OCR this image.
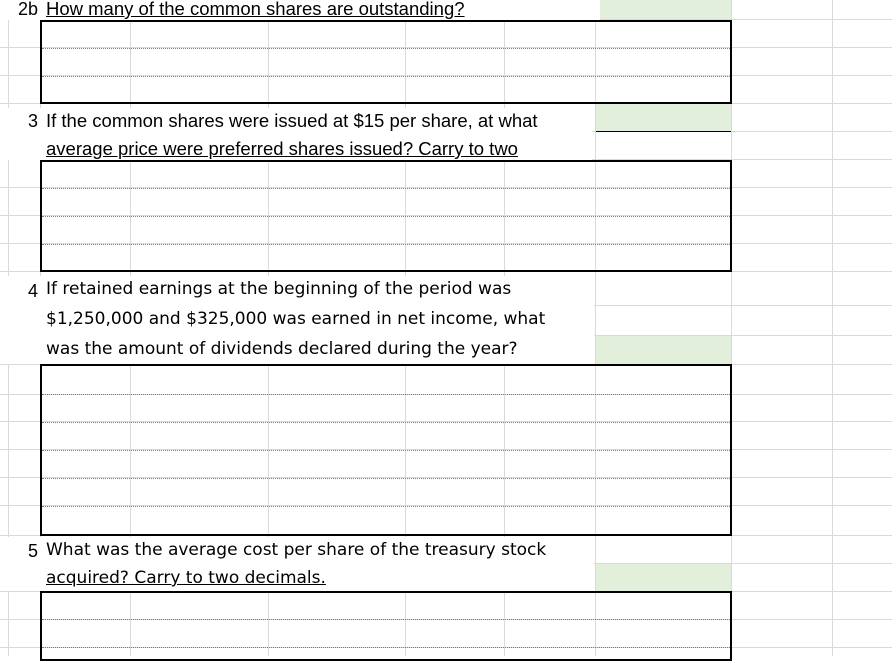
2b How many of the common shares are outstanding?
3 If the common shares were issued at $15 per share, at what
average price were preferred shares issued? Carry to two
4 If retained earnings at the beginning of the period was
$1,250,000 and $325,000 was earned in net income, what
was the amount of dividends declared during the year?
5 What was the average cost per share of the treasury stock
acquired? Carry to two decimals.
